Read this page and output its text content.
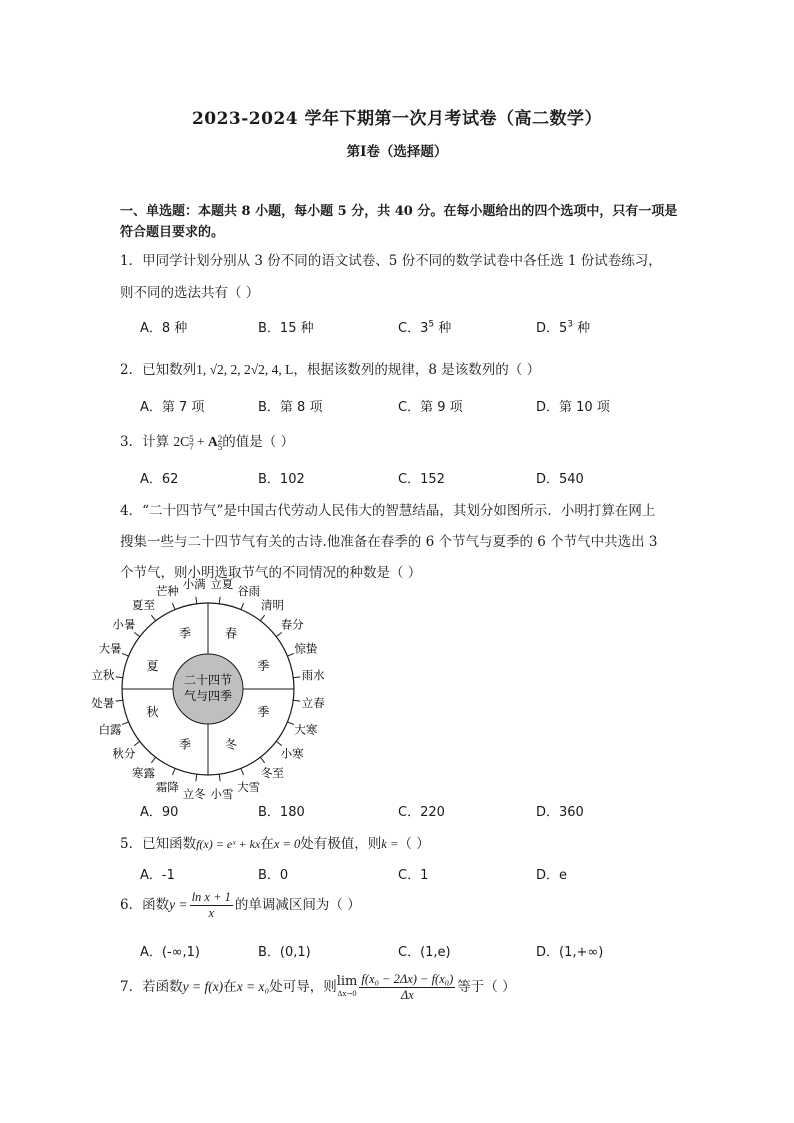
2023-2024 学年下期第一次月考试卷（高二数学）
第Ⅰ卷（选择题）
一、单选题：本题共 8 小题，每小题 5 分，共 40 分。在每小题给出的四个选项中，只有一项是符合题目要求的。
1．甲同学计划分别从 3 份不同的语文试卷、5 份不同的数学试卷中各任选 1 份试卷练习，
则不同的选法共有（ ）
A．8 种	B．15 种	C．$3^5$ 种	D．$5^3$ 种
2．已知数列1, √2, 2, 2√2, 4, L，根据该数列的规律，8 是该数列的（ ）
A．第 7 项	B．第 8 项	C．第 9 项	D．第 10 项
3．计算 2C 5
7 + A 2
5 的值是（ ）
A．62	B．102	C．152	D．540
4．“二十四节气”是中国古代劳动人民伟大的智慧结晶，其划分如图所示．小明打算在网上
搜集一些与二十四节气有关的古诗.他准备在春季的 6 个节气与夏季的 6 个节气中共选出 3
个节气，则小明选取节气的不同情况的种数是（ ）
二十四节
气与四季
春
季
季
冬
季
秋
夏
季
立夏
谷雨
清明
春分
惊蛰
雨水
立春
大寒
小寒
冬至
大雪
小雪
立冬
霜降
寒露
秋分
白露
处暑
立秋
大暑
小暑
夏至
芒种
小满
A．90	B．180	C．220	D．360
5．已知函数f(x) = eˣ + kx在x = 0处有极值，则k =（ ）
A．-1	B．0	C．1	D．e
6．函数$y = \frac{\text{ln x + 1}}{x}$ 的单调减区间为（ ）
A．(-∞,1)	B．(0,1)	C．(1,e)	D．(1,+∞)
7．若函数y = f(x)在x = x₀处可导，则 lim
$\Delta x\to 0 \frac{\text{f(x₀ − 2Δx) − f(x₀)}}{\Delta x}$ 等于（ ）
